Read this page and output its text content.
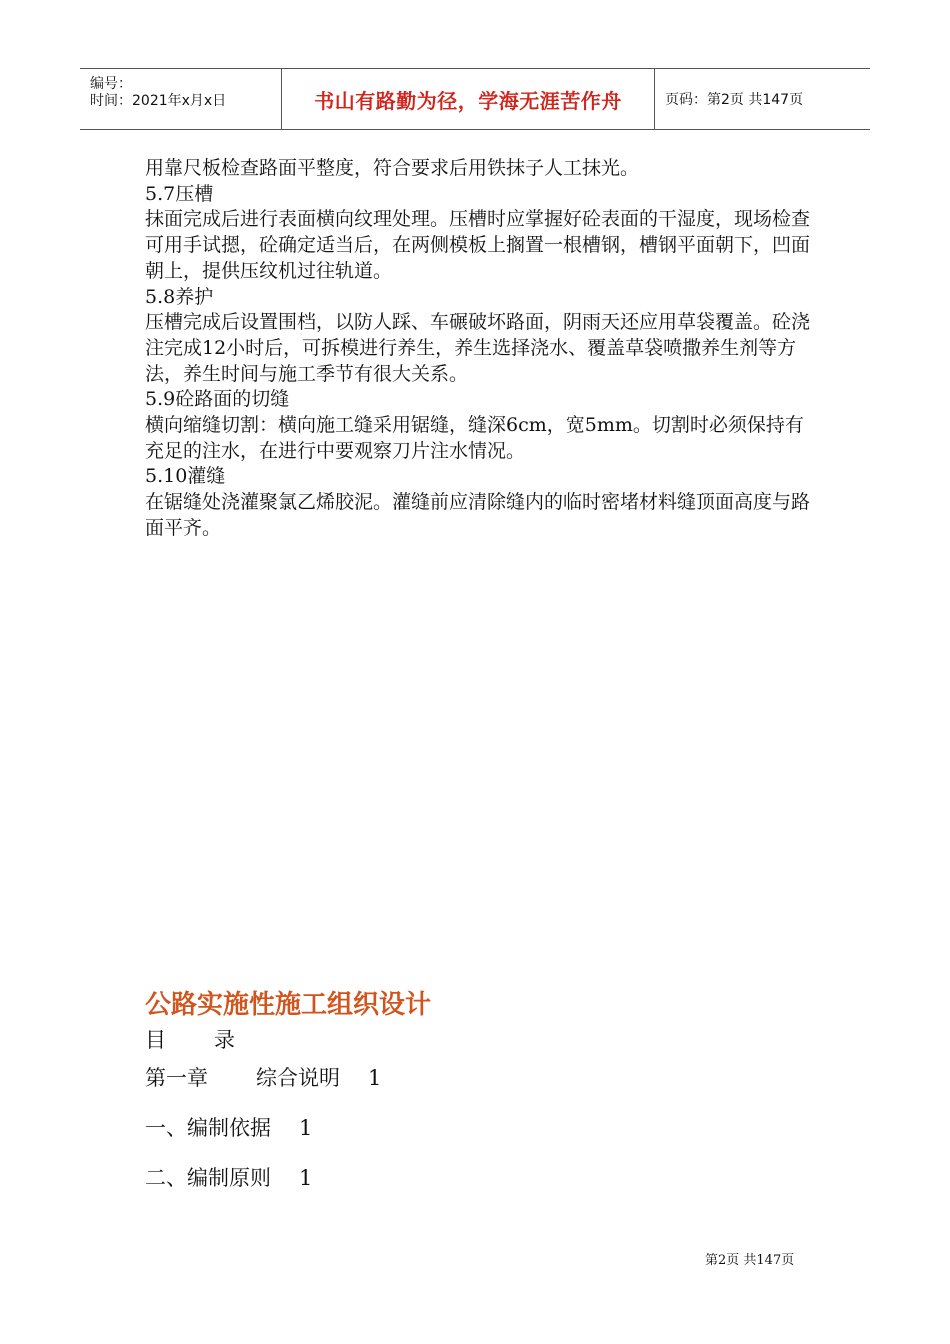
编号：
时间：2021年x月x日	书山有路勤为径，学海无涯苦作舟	页码：第2页 共147页

用靠尺板检查路面平整度，符合要求后用铁抹子人工抹光。

5.7压槽

抹面完成后进行表面横向纹理处理。压槽时应掌握好砼表面的干湿度，现场检查可用手试摁，砼确定适当后，在两侧模板上搁置一根槽钢，槽钢平面朝下，凹面朝上，提供压纹机过往轨道。

5.8养护

压槽完成后设置围档，以防人踩、车碾破坏路面，阴雨天还应用草袋覆盖。砼浇注完成12小时后，可拆模进行养生，养生选择浇水、覆盖草袋喷撒养生剂等方法，养生时间与施工季节有很大关系。

5.9砼路面的切缝

横向缩缝切割：横向施工缝采用锯缝，缝深6cm，宽5mm。切割时必须保持有充足的注水，在进行中要观察刀片注水情况。

5.10灌缝

在锯缝处浇灌聚氯乙烯胶泥。灌缝前应清除缝内的临时密堵材料缝顶面高度与路面平齐。

公路实施性施工组织设计
目 录
第一章 综合说明 1
一、编制依据 1
二、编制原则 1
第2页 共147页
